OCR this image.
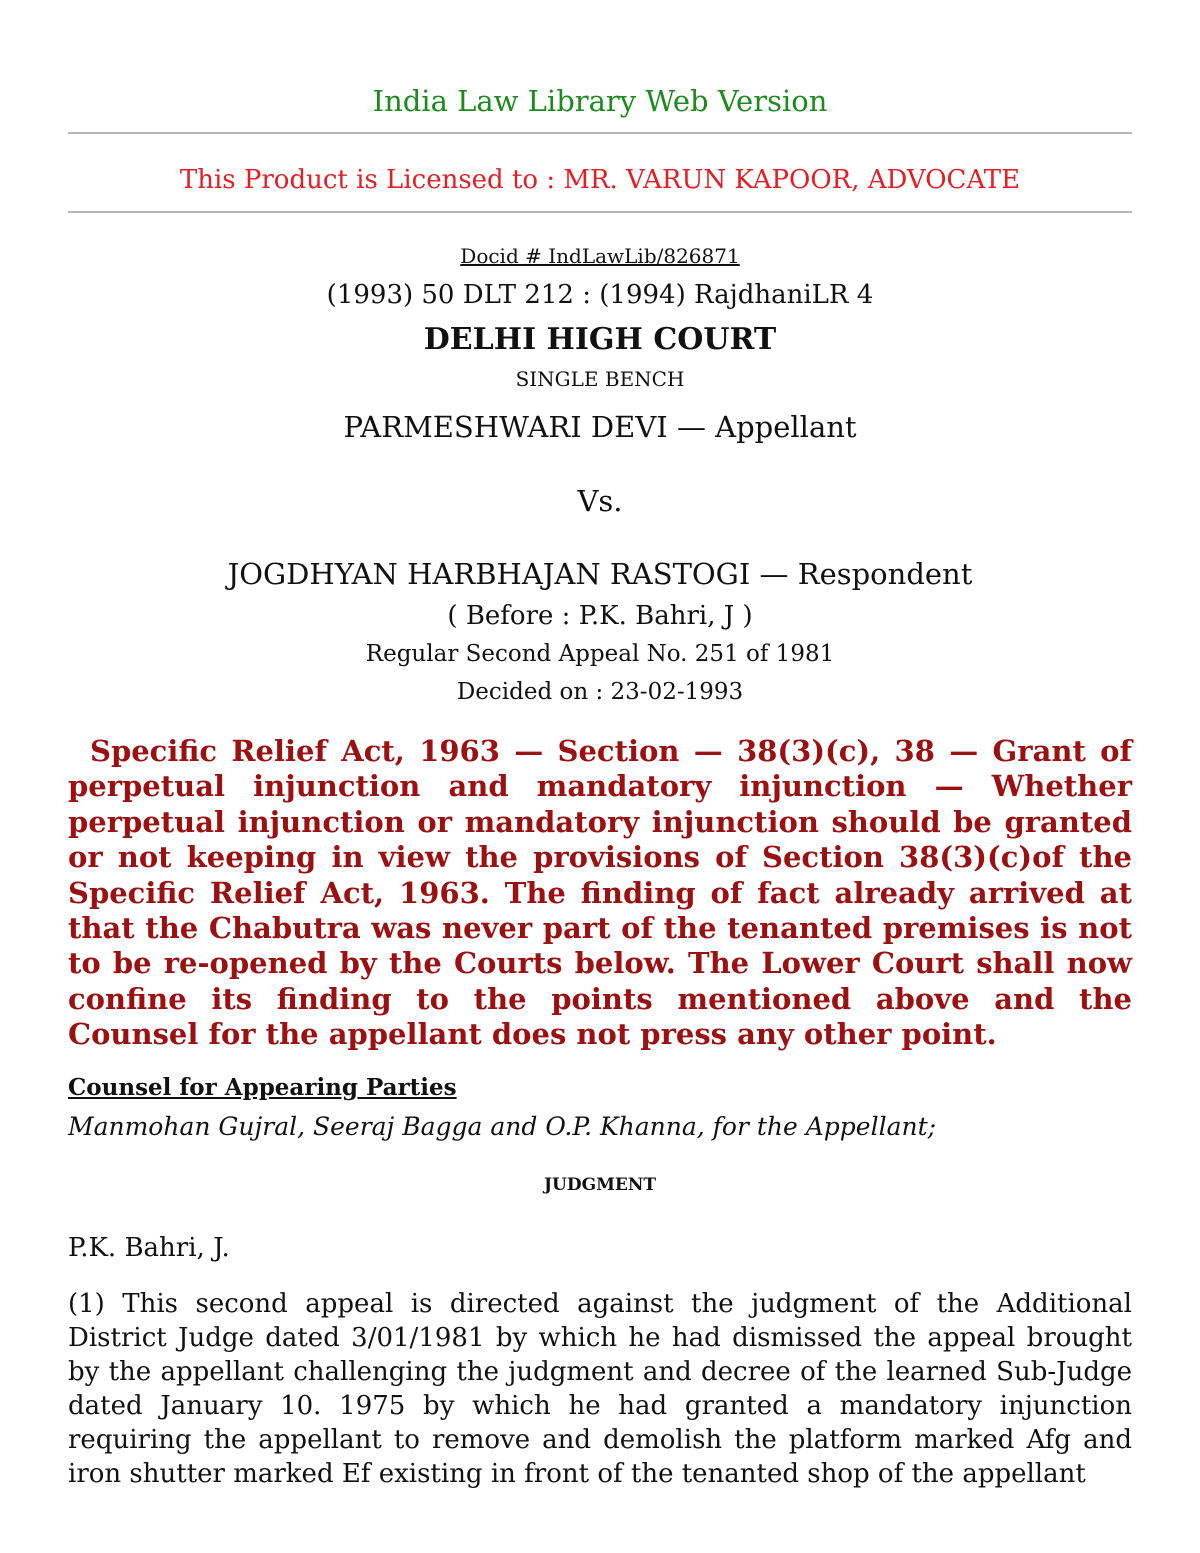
India Law Library Web Version
This Product is Licensed to : MR. VARUN KAPOOR, ADVOCATE
Docid # IndLawLib/826871
(1993) 50 DLT 212 : (1994) RajdhaniLR 4
DELHI HIGH COURT
SINGLE BENCH
PARMESHWARI DEVI — Appellant
Vs.
JOGDHYAN HARBHAJAN RASTOGI — Respondent
( Before : P.K. Bahri, J )
Regular Second Appeal No. 251 of 1981
Decided on : 23-02-1993
Specific Relief Act, 1963 — Section — 38(3)(c), 38 — Grant of perpetual injunction and mandatory injunction — Whether perpetual injunction or mandatory injunction should be granted or not keeping in view the provisions of Section 38(3)(c)of the Specific Relief Act, 1963. The finding of fact already arrived at that the Chabutra was never part of the tenanted premises is not to be re-opened by the Courts below. The Lower Court shall now confine its finding to the points mentioned above and the Counsel for the appellant does not press any other point.
Counsel for Appearing Parties
Manmohan Gujral, Seeraj Bagga and O.P. Khanna, for the Appellant;
JUDGMENT
P.K. Bahri, J.
(1) This second appeal is directed against the judgment of the Additional District Judge dated 3/01/1981 by which he had dismissed the appeal brought by the appellant challenging the judgment and decree of the learned Sub-Judge dated January 10. 1975 by which he had granted a mandatory injunction requiring the appellant to remove and demolish the platform marked Afg and iron shutter marked Ef existing in front of the tenanted shop of the appellant
